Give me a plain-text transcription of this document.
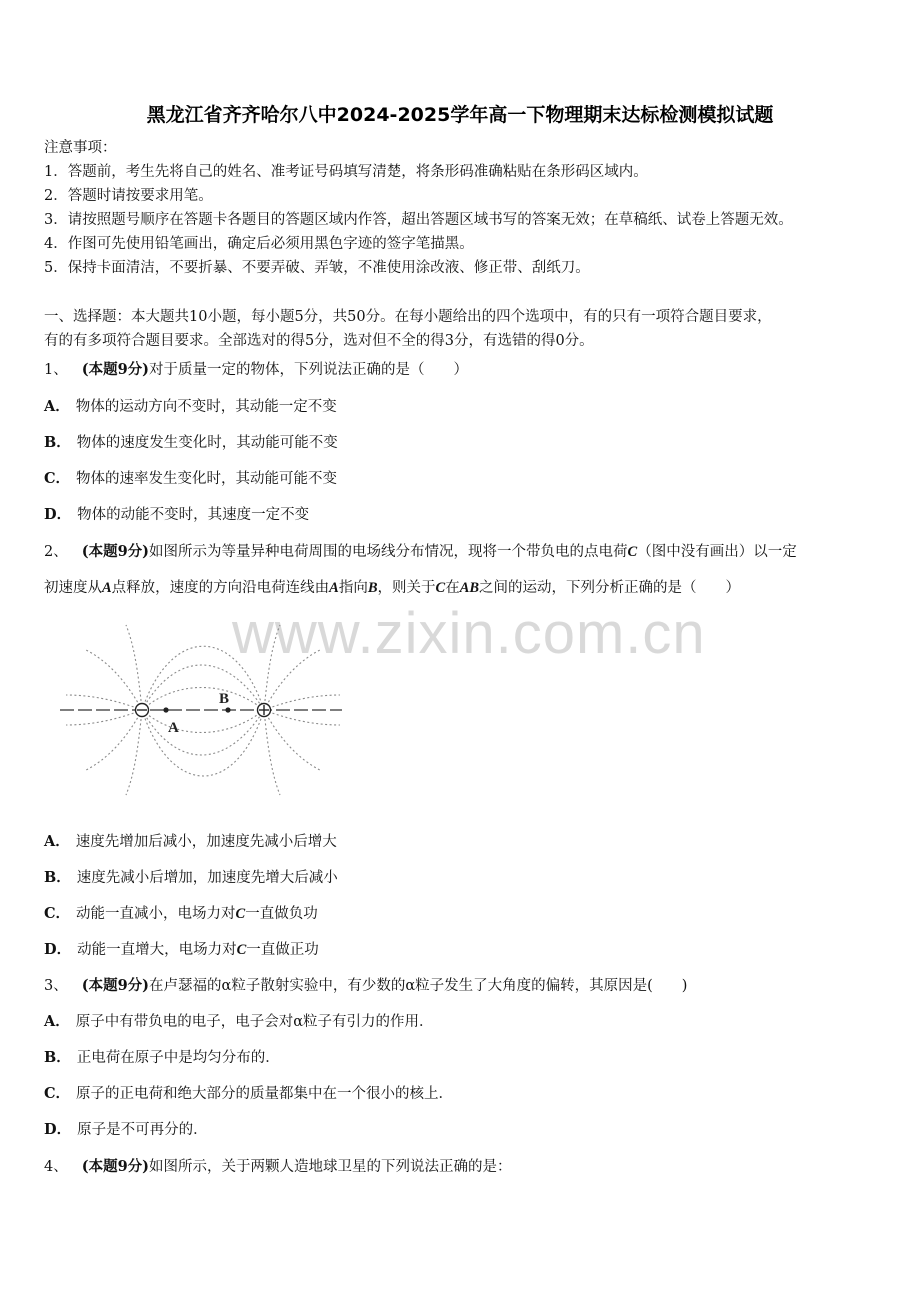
黑龙江省齐齐哈尔八中2024-2025学年高一下物理期末达标检测模拟试题
注意事项：
1．答题前，考生先将自己的姓名、准考证号码填写清楚，将条形码准确粘贴在条形码区域内。
2．答题时请按要求用笔。
3．请按照题号顺序在答题卡各题目的答题区域内作答，超出答题区域书写的答案无效；在草稿纸、试卷上答题无效。
4．作图可先使用铅笔画出，确定后必须用黑色字迹的签字笔描黑。
5．保持卡面清洁，不要折暴、不要弄破、弄皱，不准使用涂改液、修正带、刮纸刀。
一、选择题：本大题共10小题，每小题5分，共50分。在每小题给出的四个选项中，有的只有一项符合题目要求，
有的有多项符合题目要求。全部选对的得5分，选对但不全的得3分，有选错的得0分。
1、 (本题9分)对于质量一定的物体，下列说法正确的是（　　）
A． 物体的运动方向不变时，其动能一定不变
B． 物体的速度发生变化时，其动能可能不变
C． 物体的速率发生变化时，其动能可能不变
D． 物体的动能不变时，其速度一定不变
2、 (本题9分)如图所示为等量异种电荷周围的电场线分布情况，现将一个带负电的点电荷C（图中没有画出）以一定
初速度从A点释放，速度的方向沿电荷连线由A指向B，则关于C在AB之间的运动，下列分析正确的是（　　）
www.zixin.com.cn
A
B
A． 速度先增加后减小，加速度先减小后增大
B． 速度先减小后增加，加速度先增大后减小
C． 动能一直减小，电场力对C一直做负功
D． 动能一直增大，电场力对C一直做正功
3、 (本题9分)在卢瑟福的α粒子散射实验中，有少数的α粒子发生了大角度的偏转，其原因是(　　)
A． 原子中有带负电的电子，电子会对α粒子有引力的作用．
B． 正电荷在原子中是均匀分布的．
C． 原子的正电荷和绝大部分的质量都集中在一个很小的核上．
D． 原子是不可再分的．
4、 (本题9分)如图所示，关于两颗人造地球卫星的下列说法正确的是：
